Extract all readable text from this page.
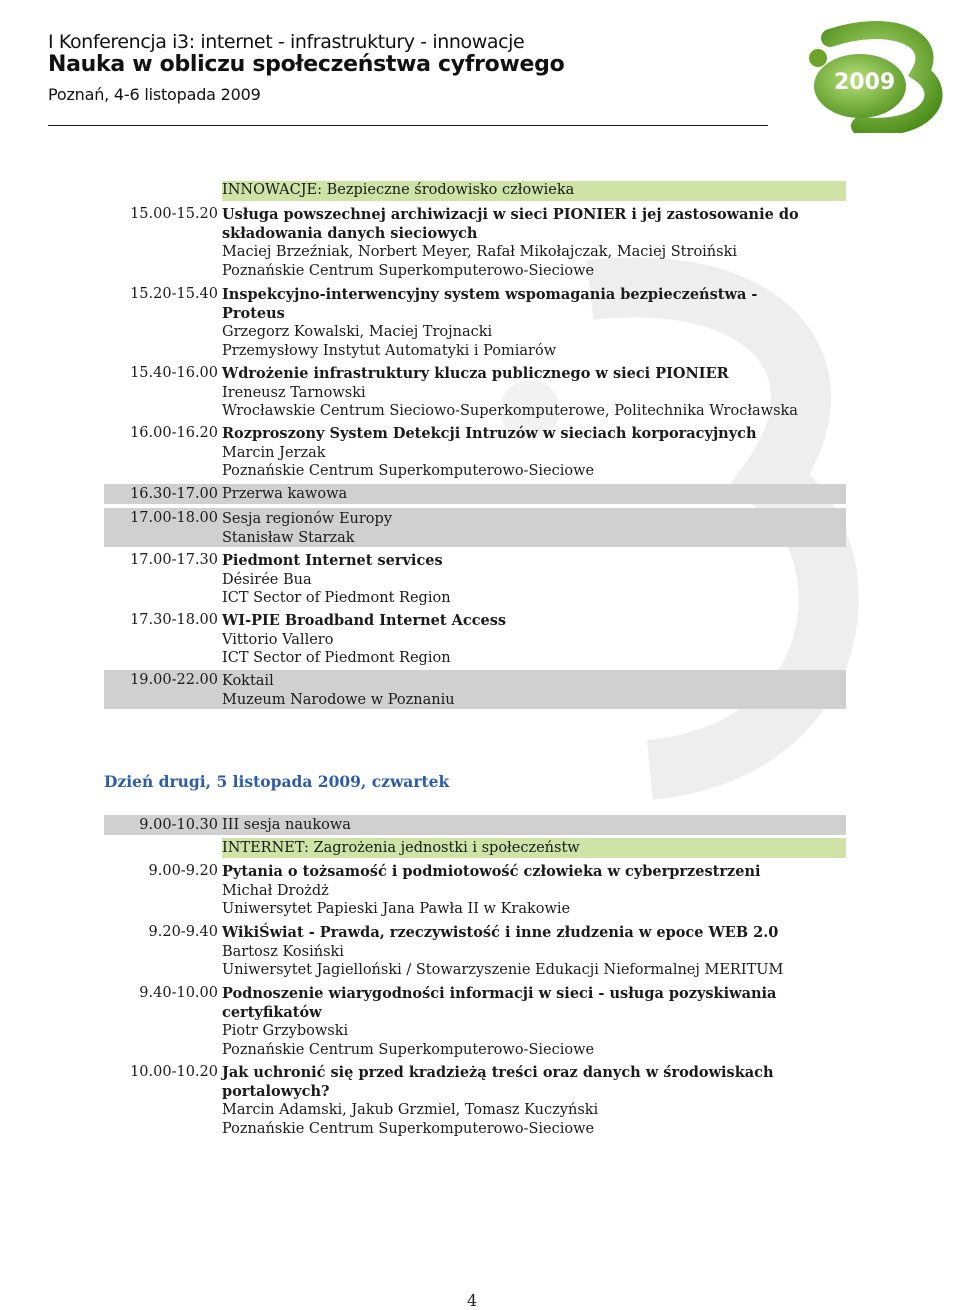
I Konferencja i3: internet - infrastruktury - innowacje
Nauka w obliczu społeczeństwa cyfrowego
Poznań, 4-6 listopada 2009	2009
INNOWACJE: Bezpieczne środowisko człowieka
15.00-15.20 Usługa powszechnej archiwizacji w sieci PIONIER i jej zastosowanie do
składowania danych sieciowych
Maciej Brzeźniak, Norbert Meyer, Rafał Mikołajczak, Maciej Stroiński
Poznańskie Centrum Superkomputerowo-Sieciowe
15.20-15.40 Inspekcyjno-interwencyjny system wspomagania bezpieczeństwa -
Proteus
Grzegorz Kowalski, Maciej Trojnacki
Przemysłowy Instytut Automatyki i Pomiarów
15.40-16.00 Wdrożenie infrastruktury klucza publicznego w sieci PIONIER
Ireneusz Tarnowski
Wrocławskie Centrum Sieciowo-Superkomputerowe, Politechnika Wrocławska
16.00-16.20 Rozproszony System Detekcji Intruzów w sieciach korporacyjnych
Marcin Jerzak
Poznańskie Centrum Superkomputerowo-Sieciowe
16.30-17.00 Przerwa kawowa
17.00-18.00 Sesja regionów Europy
Stanisław Starzak
17.00-17.30 Piedmont Internet services
Désirée Bua
ICT Sector of Piedmont Region
17.30-18.00 WI-PIE Broadband Internet Access
Vittorio Vallero
ICT Sector of Piedmont Region
19.00-22.00 Koktail
Muzeum Narodowe w Poznaniu
Dzień drugi, 5 listopada 2009, czwartek
9.00-10.30 III sesja naukowa
INTERNET: Zagrożenia jednostki i społeczeństw
9.00-9.20 Pytania o tożsamość i podmiotowość człowieka w cyberprzestrzeni
Michał Drożdż
Uniwersytet Papieski Jana Pawła II w Krakowie
9.20-9.40 WikiŚwiat - Prawda, rzeczywistość i inne złudzenia w epoce WEB 2.0
Bartosz Kosiński
Uniwersytet Jagielloński / Stowarzyszenie Edukacji Nieformalnej MERITUM
9.40-10.00 Podnoszenie wiarygodności informacji w sieci - usługa pozyskiwania
certyfikatów
Piotr Grzybowski
Poznańskie Centrum Superkomputerowo-Sieciowe
10.00-10.20 Jak uchronić się przed kradzieżą treści oraz danych w środowiskach
portalowych?
Marcin Adamski, Jakub Grzmiel, Tomasz Kuczyński
Poznańskie Centrum Superkomputerowo-Sieciowe
4
